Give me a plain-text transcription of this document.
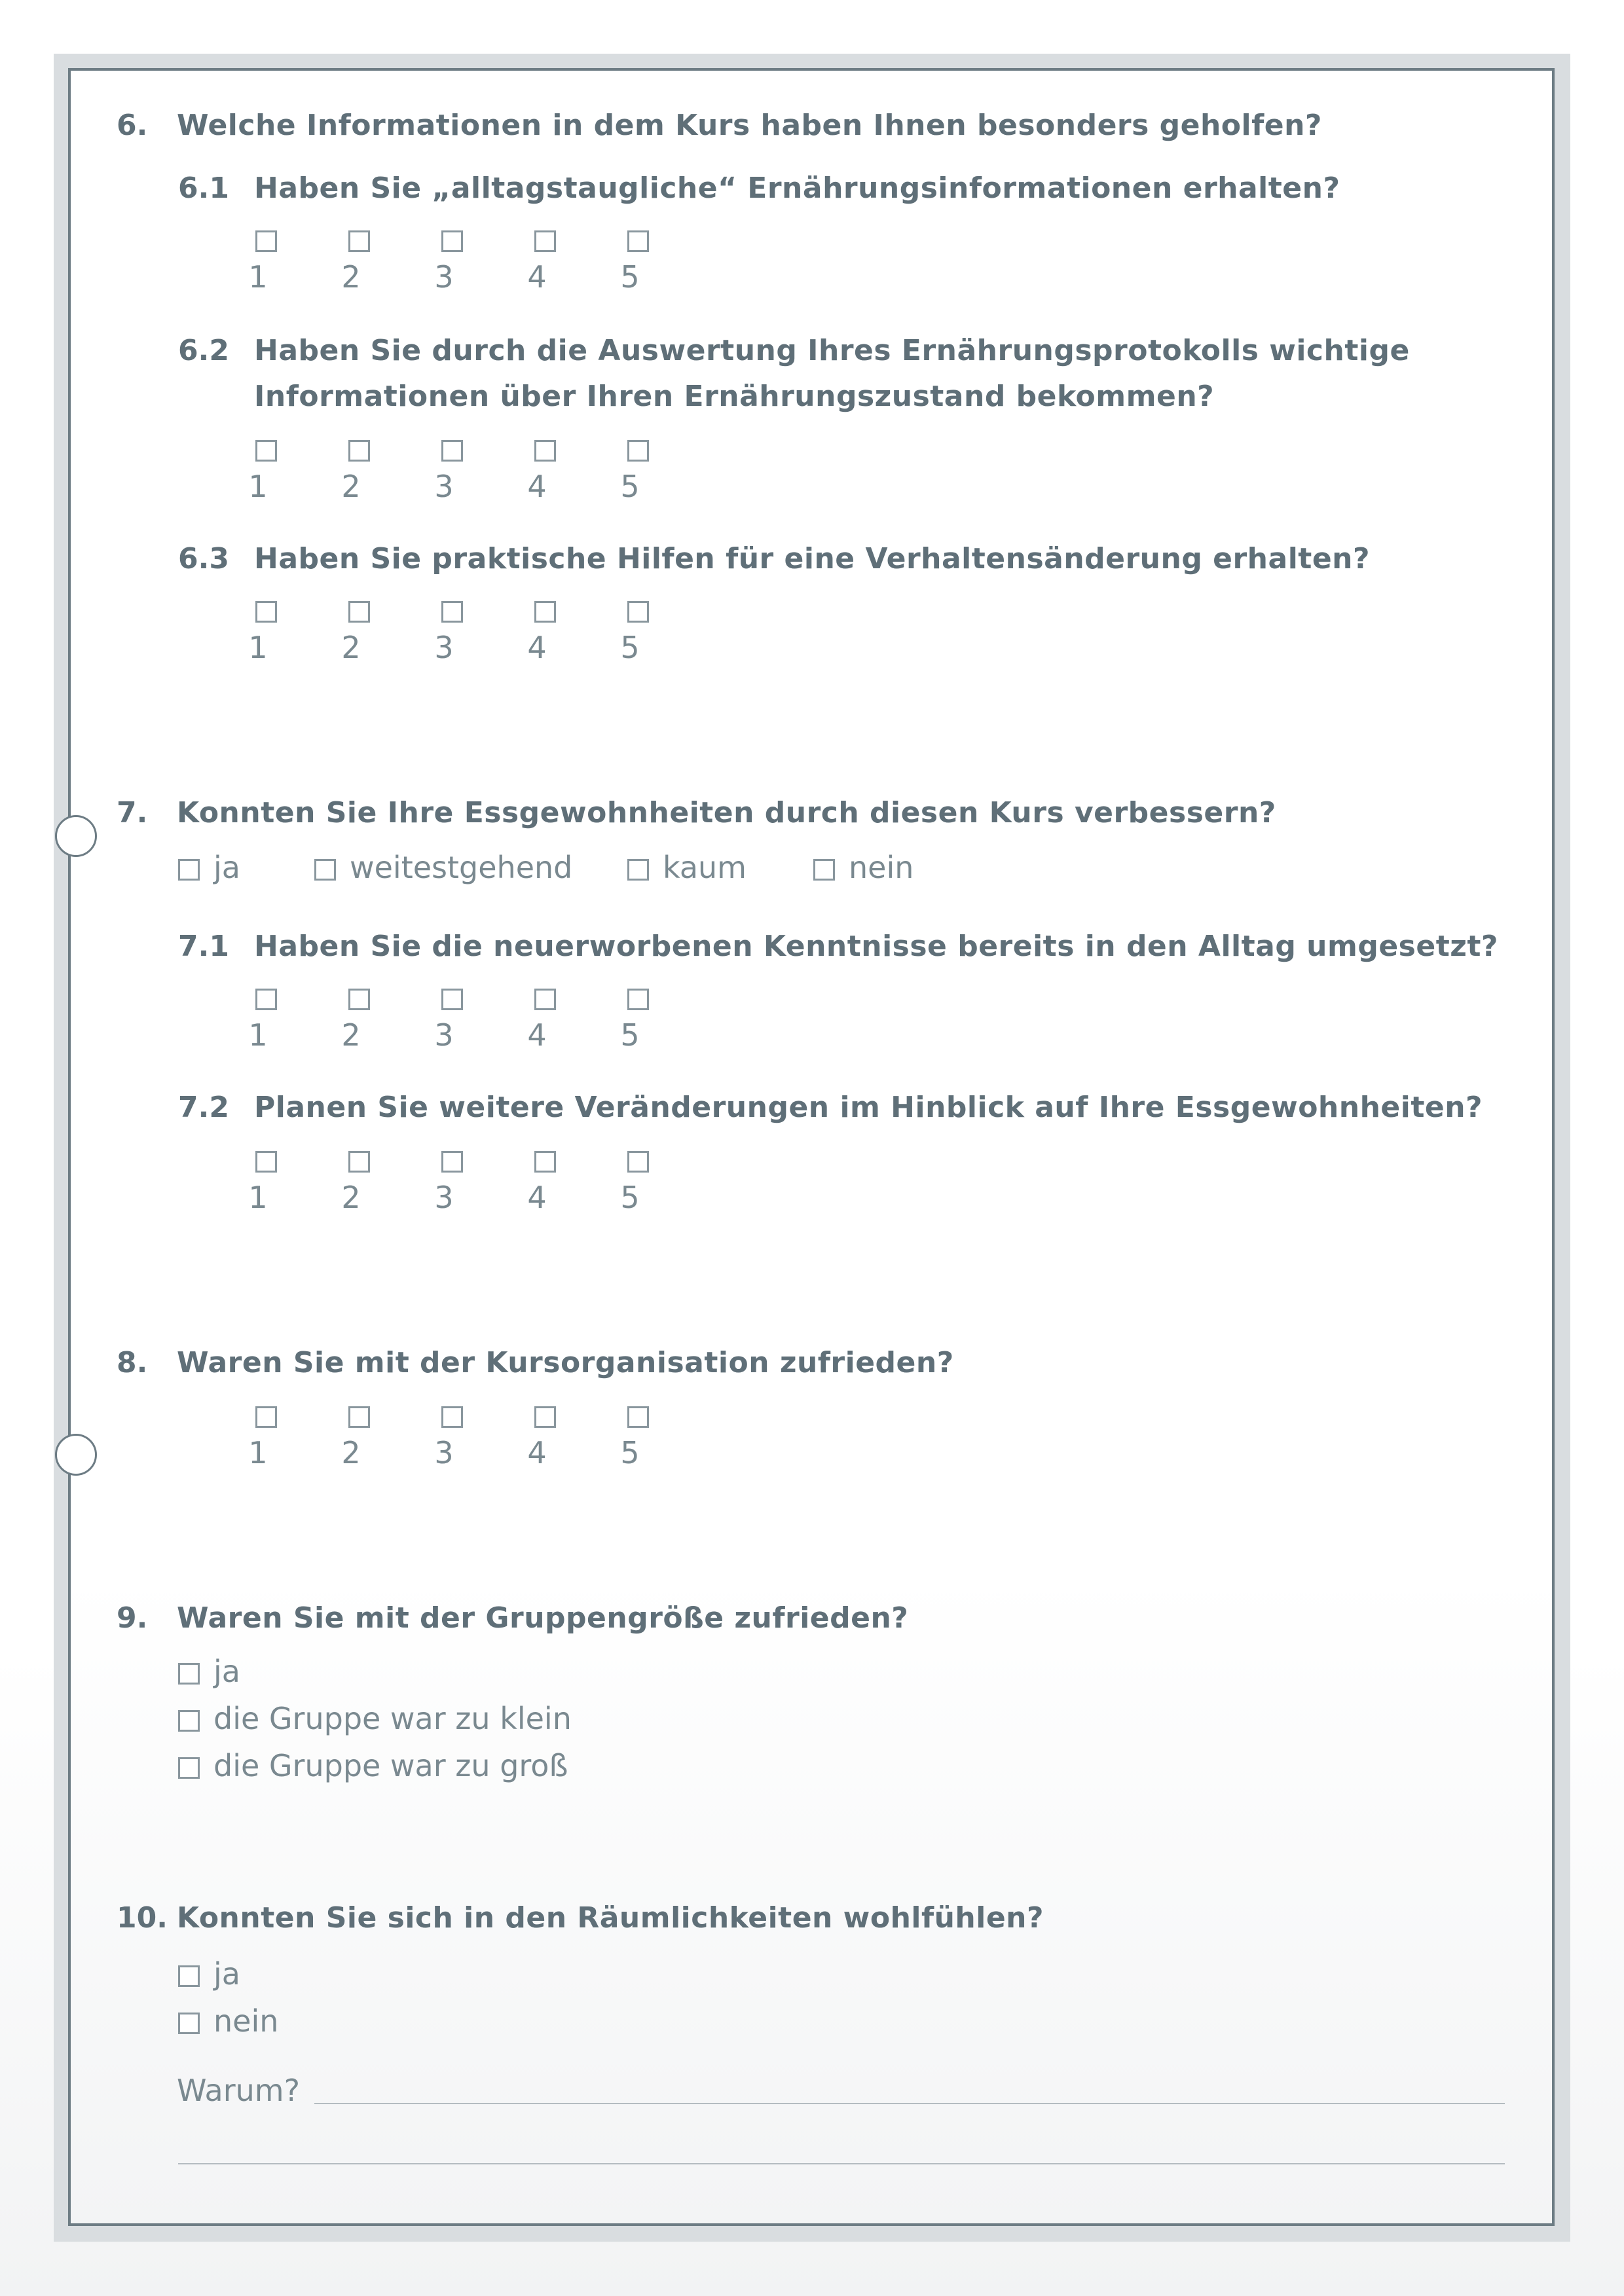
6. Welche Informationen in dem Kurs haben Ihnen besonders geholfen?
6.1 Haben Sie „alltagstaugliche“ Ernährungsinformationen erhalten?
6.2 Haben Sie durch die Auswertung Ihres Ernährungsprotokolls wichtige
Informationen über Ihren Ernährungszustand bekommen?
6.3 Haben Sie praktische Hilfen für eine Verhaltensänderung erhalten?
7. Konnten Sie Ihre Essgewohnheiten durch diesen Kurs verbessern?
ja	weitestgehend	kaum	nein
7.1 Haben Sie die neuerworbenen Kenntnisse bereits in den Alltag umgesetzt?
7.2 Planen Sie weitere Veränderungen im Hinblick auf Ihre Essgewohnheiten?
8. Waren Sie mit der Kursorganisation zufrieden?
9. Waren Sie mit der Gruppengröße zufrieden?
ja
die Gruppe war zu klein
die Gruppe war zu groß
10. Konnten Sie sich in den Räumlichkeiten wohlfühlen?
ja
nein
Warum?
1 2 3 4 5
1 2 3 4 5
1 2 3 4 5
1 2 3 4 5
1 2 3 4 5
1 2 3 4 5
